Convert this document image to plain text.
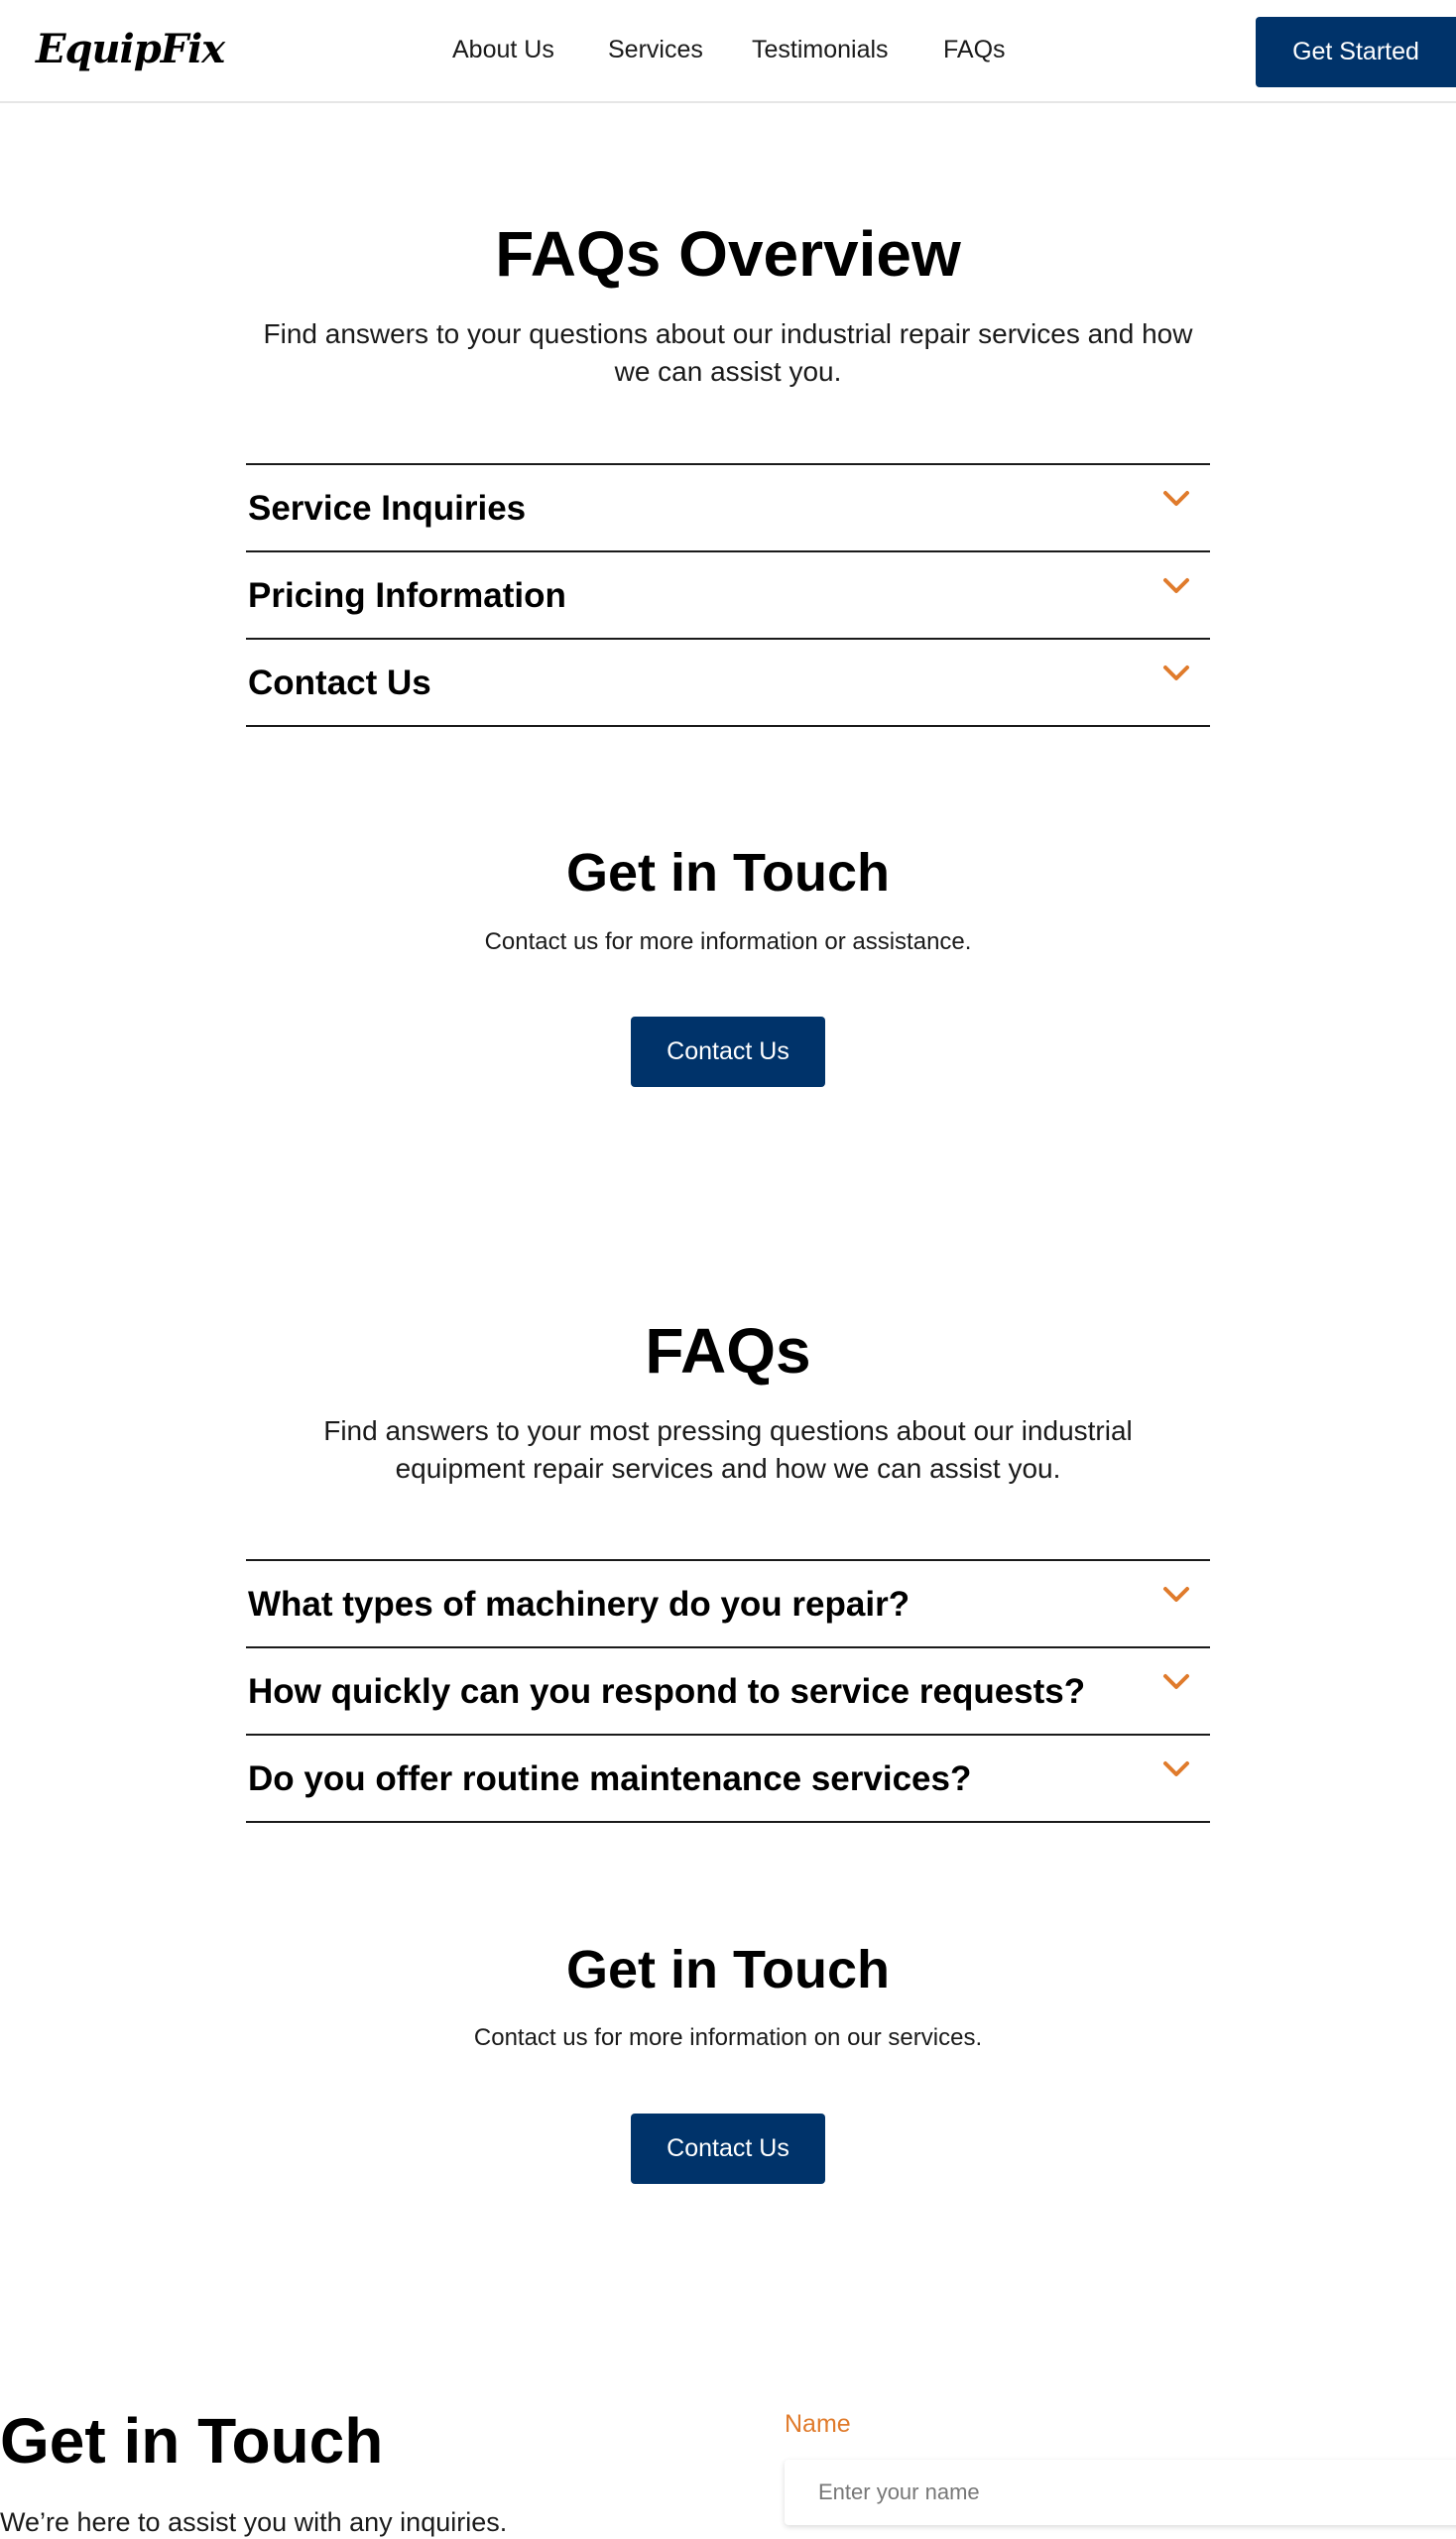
EquipFix	About Us Services Testimonials FAQs	Get Started
FAQs Overview

Find answers to your questions about our industrial repair services and how we can assist you.

Service Inquiries
Pricing Information
Contact Us
Get in Touch

Contact us for more information or assistance.

Contact Us
FAQs

Find answers to your most pressing questions about our industrial equipment repair services and how we can assist you.

What types of machinery do you repair?
How quickly can you respond to service requests?
Do you offer routine maintenance services?
Get in Touch

Contact us for more information on our services.

Contact Us
Get in Touch

We’re here to assist you with any inquiries.

Name
Enter your name
